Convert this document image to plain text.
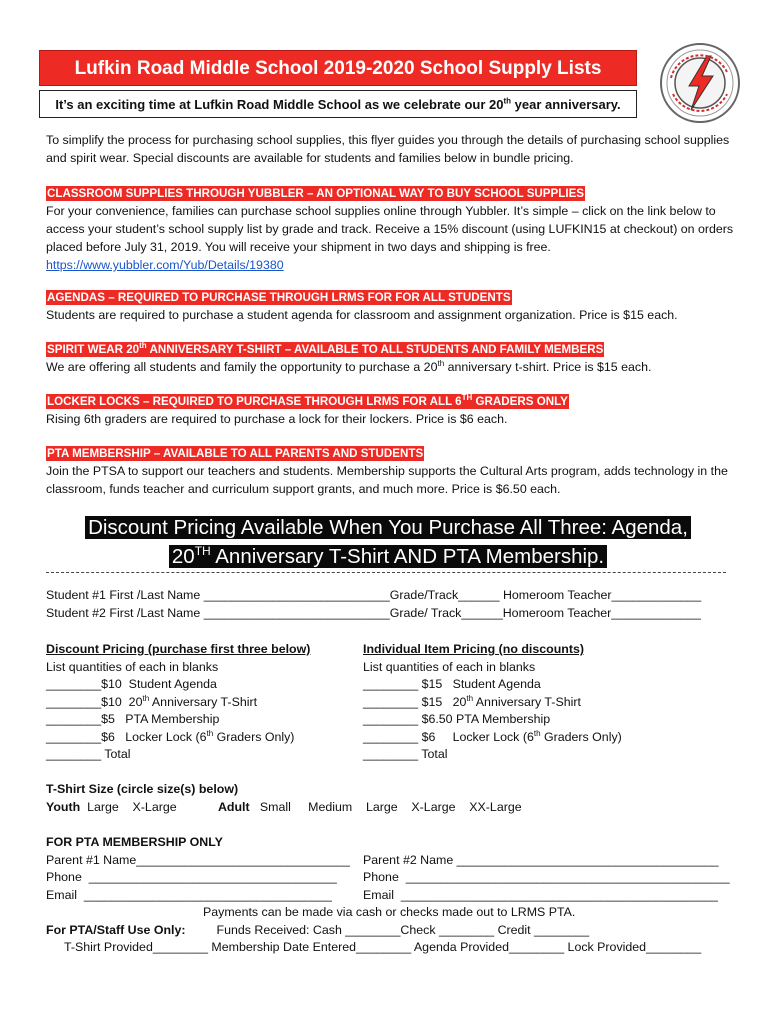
Lufkin Road Middle School 2019-2020 School Supply Lists
It’s an exciting time at Lufkin Road Middle School as we celebrate our 20th year anniversary.
To simplify the process for purchasing school supplies, this flyer guides you through the details of purchasing school supplies and spirit wear. Special discounts are available for students and families below in bundle pricing.
CLASSROOM SUPPLIES THROUGH YUBBLER – AN OPTIONAL WAY TO BUY SCHOOL SUPPLIES
For your convenience, families can purchase school supplies online through Yubbler. It’s simple – click on the link below to access your student’s school supply list by grade and track. Receive a 15% discount (using LUFKIN15 at checkout) on orders placed before July 31, 2019. You will receive your shipment in two days and shipping is free.
https://www.yubbler.com/Yub/Details/19380
AGENDAS – REQUIRED TO PURCHASE THROUGH LRMS FOR FOR ALL STUDENTS
Students are required to purchase a student agenda for classroom and assignment organization. Price is $15 each.
SPIRIT WEAR 20th ANNIVERSARY T-SHIRT – AVAILABLE TO ALL STUDENTS AND FAMILY MEMBERS
We are offering all students and family the opportunity to purchase a 20th anniversary t-shirt. Price is $15 each.
LOCKER LOCKS – REQUIRED TO PURCHASE THROUGH LRMS FOR ALL 6TH GRADERS ONLY
Rising 6th graders are required to purchase a lock for their lockers. Price is $6 each.
PTA MEMBERSHIP – AVAILABLE TO ALL PARENTS AND STUDENTS
Join the PTSA to support our teachers and students. Membership supports the Cultural Arts program, adds technology in the classroom, funds teacher and curriculum support grants, and much more. Price is $6.50 each.
Discount Pricing Available When You Purchase All Three: Agenda,
20TH Anniversary T-Shirt AND PTA Membership.
Student #1 First /Last Name ___________________________Grade/Track______ Homeroom Teacher_____________
Student #2 First /Last Name ___________________________Grade/ Track______Homeroom Teacher_____________
Discount Pricing (purchase first three below)
List quantities of each in blanks
________$10  Student Agenda
________$10  20th Anniversary T-Shirt
________$5   PTA Membership
________$6   Locker Lock (6th Graders Only)
________ Total
Individual Item Pricing (no discounts)
List quantities of each in blanks
________ $15   Student Agenda
________ $15   20th Anniversary T-Shirt
________ $6.50 PTA Membership
________ $6     Locker Lock (6th Graders Only)
________ Total
T-Shirt Size (circle size(s) below)
Youth Large    X-Large	Adult Small     Medium    Large    X-Large    XX-Large
FOR PTA MEMBERSHIP ONLY
Parent #1 Name_______________________________
Phone  ____________________________________
Email  ____________________________________
Parent #2 Name ______________________________________
Phone  _______________________________________________
Email  ______________________________________________
Payments can be made via cash or checks made out to LRMS PTA.
For PTA/Staff Use Only: Funds Received: Cash ________Check ________ Credit ________
T-Shirt Provided________ Membership Date Entered________ Agenda Provided________ Lock Provided________
